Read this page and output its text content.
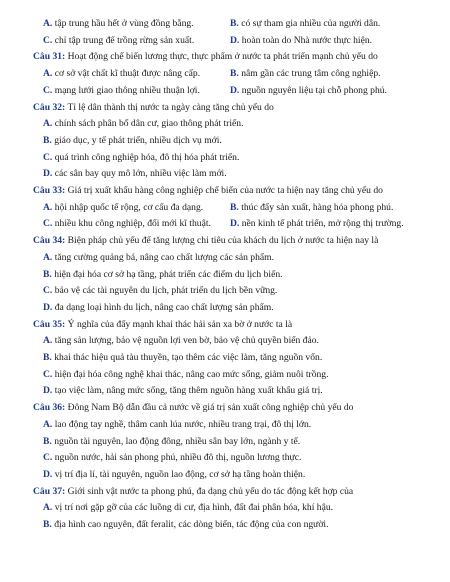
A. tập trung hầu hết ở vùng đồng bằng.	B. có sự tham gia nhiều của người dân.
C. chỉ tập trung để trồng rừng sản xuất.	D. hoàn toàn do Nhà nước thực hiện.
Câu 31: Hoạt động chế biến lương thực, thực phẩm ở nước ta phát triển mạnh chủ yếu do
A. cơ sở vật chất kĩ thuật được nâng cấp.	B. nâm gần các trung tâm công nghiệp.
C. mạng lưới giao thông nhiều thuận lợi.	D. nguồn nguyên liệu tại chỗ phong phú.
Câu 32: Tỉ lệ dân thành thị nước ta ngày càng tăng chủ yếu do
A. chính sách phân bố dân cư, giao thông phát triển.
B. giáo dục, y tế phát triển, nhiều dịch vụ mới.
C. quá trình công nghiệp hóa, đô thị hóa phát triển.
D. các sân bay quy mô lớn, nhiều việc làm mới.
Câu 33: Giá trị xuất khẩu hàng công nghiệp chế biến của nước ta hiện nay tăng chủ yếu do
A. hội nhập quốc tế rộng, cơ cấu đa dạng.	B. thúc đẩy sản xuất, hàng hóa phong phú.
C. nhiều khu công nghiệp, đổi mới kĩ thuật.	D. nền kinh tế phát triển, mở rộng thị trường.
Câu 34: Biện pháp chủ yếu để tăng lượng chi tiêu của khách du lịch ở nước ta hiện nay là
A. tăng cường quảng bá, nâng cao chất lượng các sản phẩm.
B. hiện đại hóa cơ sở hạ tầng, phát triển các điểm du lịch biển.
C. bảo vệ các tài nguyên du lịch, phát triển du lịch bền vững.
D. đa dạng loại hình du lịch, nâng cao chất lượng sản phẩm.
Câu 35: Ý nghĩa của đẩy mạnh khai thác hải sản xa bờ ở nước ta là
A. tăng sản lượng, bảo vệ nguồn lợi ven bờ, bảo vệ chủ quyền biển đảo.
B. khai thác hiệu quả tàu thuyền, tạo thêm các việc làm, tăng nguồn vốn.
C. hiện đại hóa công nghệ khai thác, nâng cao mức sống, giảm nuôi trồng.
D. tạo việc làm, nâng mức sống, tăng thêm nguồn hàng xuất khẩu giá trị.
Câu 36: Đông Nam Bộ dẫn đầu cả nước về giá trị sản xuất công nghiệp chủ yếu do
A. lao động tay nghề, thâm canh lúa nước, nhiều trang trại, đô thị lớn.
B. nguồn tài nguyên, lao động đông, nhiều sân bay lớn, ngành y tế.
C. nguồn nước, hải sản phong phú, nhiều đô thị, nguồn lương thực.
D. vị trí địa lí, tài nguyên, nguồn lao động, cơ sở hạ tầng hoàn thiện.
Câu 37: Giới sinh vật nước ta phong phú, đa dạng chủ yếu do tác động kết hợp của
A. vị trí nơi gặp gỡ của các luồng di cư, địa hình, đất đai phân hóa, khí hậu.
B. địa hình cao nguyên, đất feralit, các dòng biển, tác động của con người.
